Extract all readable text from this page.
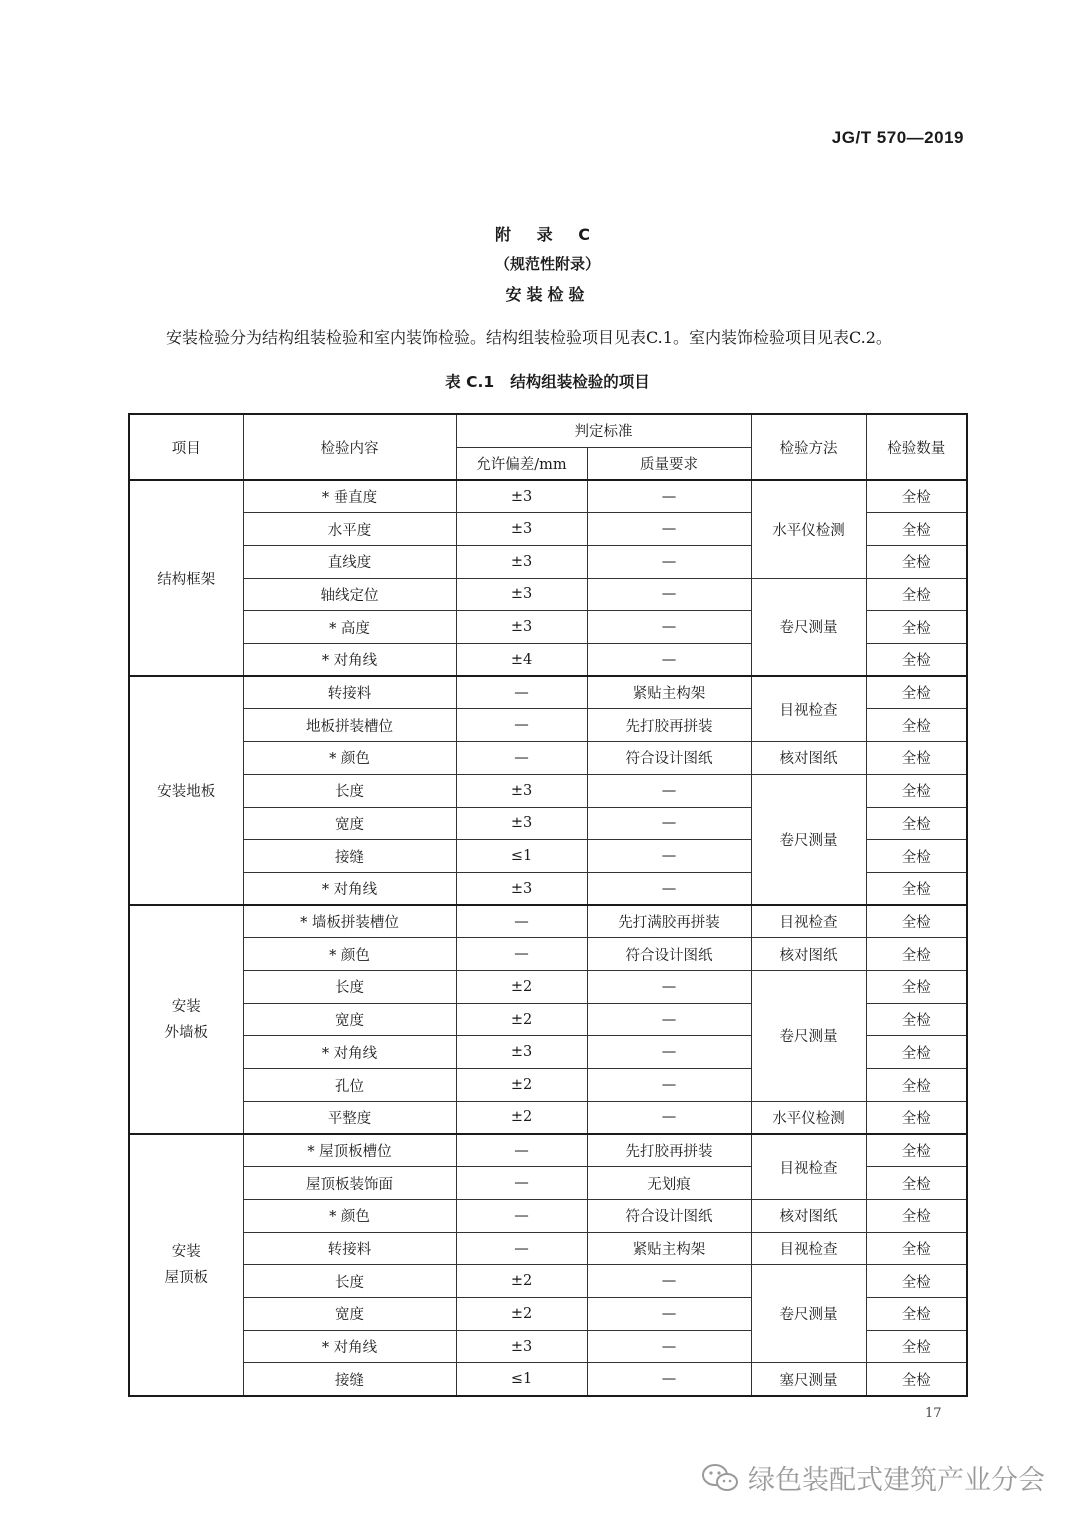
JG/T 570—2019
附 录 C
（规范性附录）
安装检验
安装检验分为结构组装检验和室内装饰检验。结构组装检验项目见表C.1。室内装饰检验项目见表C.2。
表 C.1   结构组装检验的项目
项目	检验内容	判定标准		检验方法	检验数量
		允许偏差/mm	质量要求		
结构框架	* 垂直度	±3	—	水平仪检测	全检
	水平度	±3	—		全检
	直线度	±3	—		全检
	轴线定位	±3	—	卷尺测量	全检
	* 高度	±3	—		全检
	* 对角线	±4	—		全检
安装地板	转接料	—	紧贴主构架	目视检查	全检
	地板拼装槽位	—	先打胶再拼装		全检
	* 颜色	—	符合设计图纸	核对图纸	全检
	长度	±3	—	卷尺测量	全检
	宽度	±3	—		全检
	接缝	≤1	—		全检
	* 对角线	±3	—		全检

安装
外墙板	* 墙板拼装槽位	—	先打满胶再拼装	目视检查	全检
	* 颜色	—	符合设计图纸	核对图纸	全检
	长度	±2	—	卷尺测量	全检
	宽度	±2	—		全检
	* 对角线	±3	—		全检
	孔位	±2	—		全检
	平整度	±2	—	水平仪检测	全检

安装
屋顶板	* 屋顶板槽位	—	先打胶再拼装	目视检查	全检
	屋顶板装饰面	—	无划痕		全检
	* 颜色	—	符合设计图纸	核对图纸	全检
	转接料	—	紧贴主构架	目视检查	全检
	长度	±2	—	卷尺测量	全检
	宽度	±2	—		全检
	* 对角线	±3	—		全检
	接缝	≤1	—	塞尺测量	全检
17
绿色装配式建筑产业分会
